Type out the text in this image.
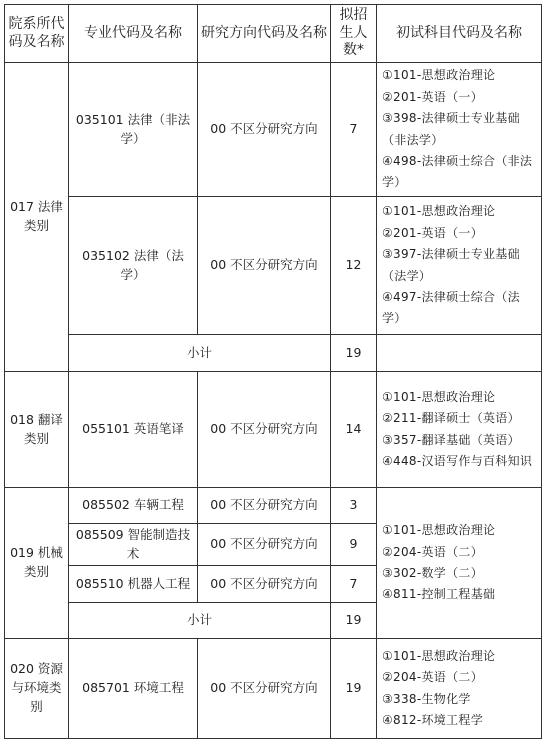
院系所代码及名称	专业代码及名称	研究方向代码及名称	拟招生人数*	初试科目代码及名称
017 法律类别	035101 法律（非法学）	00 不区分研究方向	7	①101-思想政治理论
②201-英语（一）
③398-法律硕士专业基础（非法学）
④498-法律硕士综合（非法学）

	035102 法律（法学）	00 不区分研究方向	12	①101-思想政治理论
②201-英语（一）
③397-法律硕士专业基础（法学）
④497-法律硕士综合（法学）

	小计		19	
018 翻译类别	055101 英语笔译	00 不区分研究方向	14	①101-思想政治理论
②211-翻译硕士（英语）
③357-翻译基础（英语）
④448-汉语写作与百科知识

019 机械类别	085502 车辆工程	00 不区分研究方向	3	①101-思想政治理论
②204-英语（二）
③302-数学（二）
④811-控制工程基础

	085509 智能制造技术	00 不区分研究方向	9	
	085510 机器人工程	00 不区分研究方向	7	
	小计		19	
020 资源与环境类别	085701 环境工程	00 不区分研究方向	19	①101-思想政治理论
②204-英语（二）
③338-生物化学
④812-环境工程学
